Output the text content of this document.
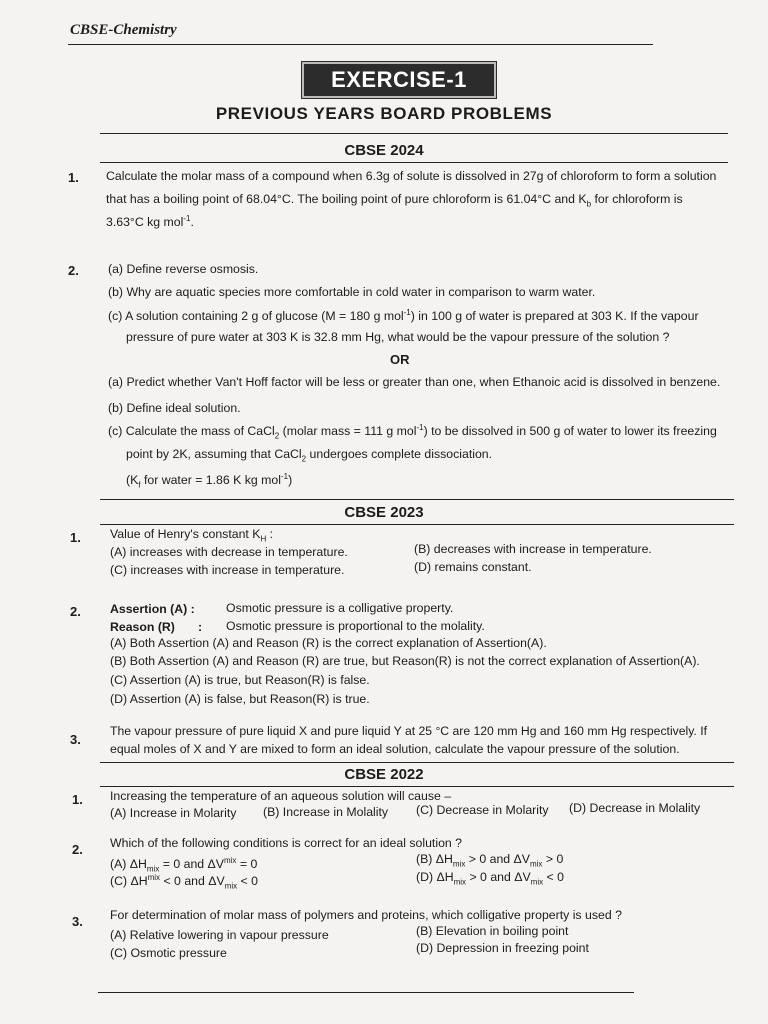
CBSE-Chemistry
EXERCISE-1
PREVIOUS YEARS BOARD PROBLEMS
CBSE 2024
1. Calculate the molar mass of a compound when 6.3g of solute is dissolved in 27g of chloroform to form a solution
that has a boiling point of 68.04°C. The boiling point of pure chloroform is 61.04°C and $K_b$ for chloroform is
3.63°C kg mol$^{-1}$.
2. (a) Define reverse osmosis.
(b) Why are aquatic species more comfortable in cold water in comparison to warm water.
(c) A solution containing 2 g of glucose (M = 180 g mol$^{-1}$) in 100 g of water is prepared at 303 K. If the vapour
pressure of pure water at 303 K is 32.8 mm Hg, what would be the vapour pressure of the solution ?
OR
(a) Predict whether Van't Hoff factor will be less or greater than one, when Ethanoic acid is dissolved in benzene.
(b) Define ideal solution.
(c) Calculate the mass of CaCl$_2$ (molar mass = 111 g mol$^{-1}$) to be dissolved in 500 g of water to lower its freezing
point by 2K, assuming that CaCl$_2$ undergoes complete dissociation.
($K_f$ for water = 1.86 K kg mol$^{-1}$)
CBSE 2023
1. Value of Henry's constant $K_H$ :
(A) increases with decrease in temperature.	(B) decreases with increase in temperature.
(C) increases with increase in temperature.	(D) remains constant.
2. Assertion (A) :	Osmotic pressure is a colligative property.
Reason (R) : Osmotic pressure is proportional to the molality.
(A) Both Assertion (A) and Reason (R) is the correct explanation of Assertion(A).
(B) Both Assertion (A) and Reason (R) are true, but Reason(R) is not the correct explanation of Assertion(A).
(C) Assertion (A) is true, but Reason(R) is false.
(D) Assertion (A) is false, but Reason(R) is true.
3.
The vapour pressure of pure liquid X and pure liquid Y at 25 °C are 120 mm Hg and 160 mm Hg respectively. If
equal moles of X and Y are mixed to form an ideal solution, calculate the vapour pressure of the solution.
CBSE 2022
1. Increasing the temperature of an aqueous solution will cause –
(A) Increase in Molarity (B) Increase in Molality (C) Decrease in Molarity (D) Decrease in Molality
2. Which of the following conditions is correct for an ideal solution ?
(A) $\Delta H_{mix} = 0$ and $\Delta V^{mix} = 0$	(B) $\Delta H_{mix} > 0$ and $\Delta V_{mix} > 0$
(C) $\Delta H^{mix} < 0$ and $\Delta V_{mix} < 0$	(D) $\Delta H_{mix} > 0$ and $\Delta V_{mix} < 0$
3. For determination of molar mass of polymers and proteins, which colligative property is used ?
(A) Relative lowering in vapour pressure	(B) Elevation in boiling point
(C) Osmotic pressure	(D) Depression in freezing point
